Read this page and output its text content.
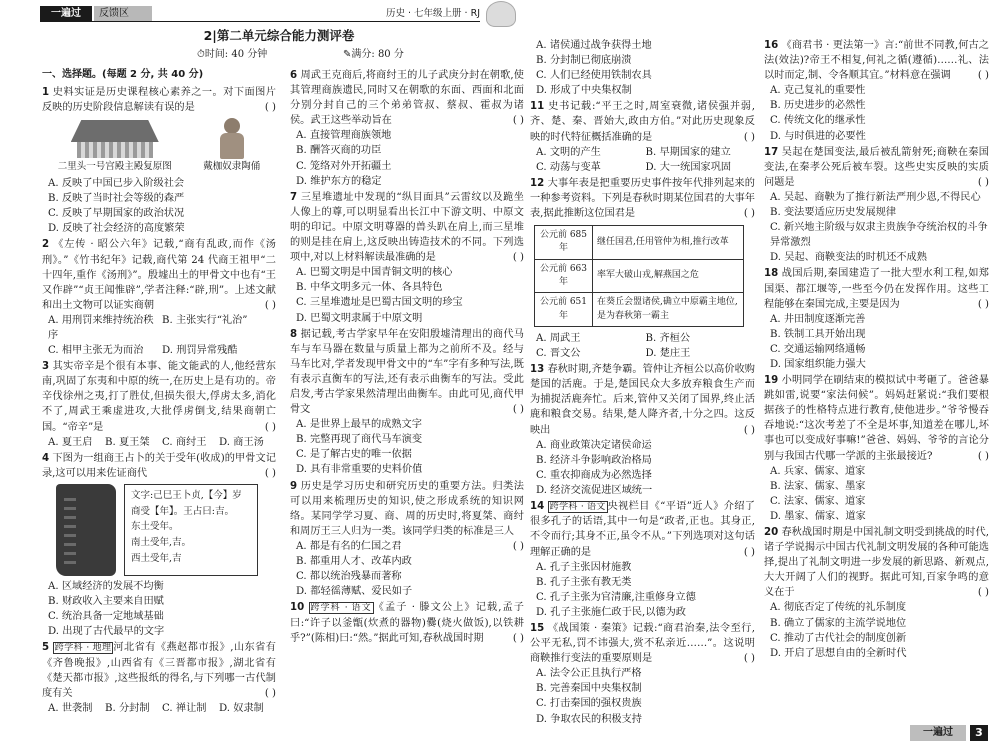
一遍过	反馈区	历史 · 七年级上册 · RJ
2|第二单元综合能力测评卷
⏱时间: 40 分钟	✎满分: 80 分
一、选择题。(每题 2 分, 共 40 分)
1 史料实证是历史课程核心素养之一。对下面图片反映的历史阶段信息解读有误的是	( )
二里头一号宫殿主殿复原图	戴枷奴隶陶俑
A. 反映了中国已步入阶级社会
B. 反映了当时社会等级的森严
C. 反映了早期国家的政治状况
D. 反映了社会经济的高度繁荣
2 《左传 · 昭公六年》记载,“商有乱政,而作《汤刑》。”《竹书纪年》记载,商代第 24 代商王祖甲“二十四年,重作《汤刑》”。殷墟出土的甲骨文中也有“王又作辟”“贞王闻惟辟”,学者注释:“辟,刑”。上述文献和出土文物可以证实商朝	( )
A. 用刑罚来维持统治秩序
B. 主张实行“礼治”
C. 相甲主张无为而治	D. 刑罚异常残酷
3 其实帝辛是个很有本事、能文能武的人,他经营东南,巩固了东夷和中原的统一,在历史上是有功的。帝辛伐徐州之夷,打了胜仗,但损失很大,俘虏太多,消化不了,周武王乘虚进攻,大批俘虏倒戈,结果商朝亡国。“帝辛”是	( )
A. 夏王启	B. 夏王桀	C. 商纣王	D. 商王汤
4 下图为一组商王占卜的关于受年(收成)的甲骨文记录,这可以用来佐证商代	( )
文字:己巳王卜贞,【今】岁
商受【年】。王占曰:吉。
东土受年。
南土受年,吉。
西土受年,吉
A. 区域经济的发展不均衡
B. 财政收入主要来自田赋
C. 统治具备一定地域基础
D. 出现了古代最早的文字
5 跨学科 · 地理 河北省有《燕赵都市报》,山东省有《齐鲁晚报》,山西省有《三晋都市报》,湖北省有《楚天都市报》,这些报纸的得名,与下列哪一古代制度有关	( )
A. 世袭制	B. 分封制	C. 禅让制	D. 奴隶制
6 周武王克商后,将商纣王的儿子武庚分封在朝歌,使其管理商族遗民,同时又在朝歌的东面、西面和北面分别分封自己的三个弟弟管叔、蔡叔、霍叔为诸侯。武王这些举动旨在	( )
A. 直接管理商族领地
B. 酬答灭商的功臣
C. 笼络对外开拓疆土
D. 维护东方的稳定
7 三星堆遗址中发现的“纵目面具”云雷纹以及跪坐人像上的尊,可以明显看出长江中下游文明、中原文明的印记。中原文明尊器的兽头趴在肩上,而三星堆的则是挂在肩上,这反映出铸造技术的不同。下列选项中,对以上材料解读最准确的是	( )
A. 巴蜀文明是中国青铜文明的核心
B. 中华文明多元一体、各具特色
C. 三星堆遗址是巴蜀古国文明的珍宝
D. 巴蜀文明隶属于中原文明
8 据记载,考古学家早年在安阳殷墟清理出的商代马车与车马器在数量与质量上都为之前所不及。经与马车比对,学者发现甲骨文中的“车”字有多种写法,既有表示直衡车的写法,还有表示曲衡车的写法。受此启发,考古学家果然清理出曲衡车。由此可见,商代甲骨文	( )
A. 是世界上最早的成熟文字
B. 完整再现了商代马车演变
C. 是了解古史的唯一依据
D. 具有非常重要的史料价值
9 历史是学习历史和研究历史的重要方法。归类法可以用来梳理历史的知识,使之形成系统的知识网络。某同学学习夏、商、周的历史时,将夏桀、商纣和周厉王三人归为一类。该同学归类的标准是三人
( )
A. 都是有名的仁国之君
B. 都重用人才、改革内政
C. 都以统治残暴而著称
D. 都轻徭薄赋、爱民如子
10 跨学科 · 语文 《孟子 · 滕文公上》记载,孟子曰:“许子以釜甑(炊煮的器物)爨(烧火做饭),以铁耕乎?”(陈相)曰:“然。”据此可知,春秋战国时期	( )
A. 诸侯通过战争获得土地
B. 分封制已彻底崩溃
C. 人们已经使用铁制农具
D. 形成了中央集权制
11 史书记载:“平王之时,周室衰微,诸侯强并弱,齐、楚、秦、晋始大,政由方伯。”对此历史现象反映的时代特征概括准确的是	( )
A. 文明的产生	B. 早期国家的建立
C. 动荡与变革	D. 大一统国家巩固
12 大事年表是把重要历史事件按年代排列起来的一种参考资料。下列是春秋时期某位国君的大事年表,据此推断这位国君是	( )
公元前 685 年	继任国君,任用管仲为相,推行改革
公元前 663 年	率军大破山戎,解燕国之危
公元前 651 年	在葵丘会盟诸侯,确立中原霸主地位,是为春秋第一霸主
A. 周武王	B. 齐桓公
C. 晋文公	D. 楚庄王
13 春秋时期,齐楚争霸。管仲让齐桓公以高价收购楚国的活鹿。于是,楚国民众大多放弃粮食生产而为捕捉活鹿奔忙。后来,管仲又关闭了国界,终止活鹿和粮食交易。结果,楚人降齐者,十分之四。这反映出	( )
A. 商业政策决定诸侯命运
B. 经济斗争影响政治格局
C. 重农抑商成为必然选择
D. 经济交流促进区域统一
14 跨学科 · 语文 央视栏目《“平语”近人》介绍了很多孔子的话语,其中一句是“政者,正也。其身正,不令而行;其身不正,虽令不从。”下列选项对这句话理解正确的是	( )
A. 孔子主张因材施教
B. 孔子主张有教无类
C. 孔子主张为官清廉,注重修身立德
D. 孔子主张施仁政于民,以德为政
15 《战国策 · 秦策》记载:“商君治秦,法令至行,公平无私,罚不讳强大,赏不私亲近……”。这说明商鞅推行变法的重要原则是	( )
A. 法令公正且执行严格
B. 完善秦国中央集权制
C. 打击秦国的强权贵族
D. 争取农民的积极支持
16 《商君书 · 更法第一》言:“前世不同教,何古之法(效法)?帝王不相复,何礼之循(遵循)……礼、法以时而定,制、令各顺其宜。”材料意在强调	( )
A. 克己复礼的重要性
B. 历史进步的必然性
C. 传统文化的继承性
D. 与时俱进的必要性
17 吴起在楚国变法,最后被乱箭射死;商鞅在秦国变法,在秦孝公死后被车裂。这些史实反映的实质问题是	( )
A. 吴起、商鞅为了推行新法严刑少恩,不得民心
B. 变法要适应历史发展规律
C. 新兴地主阶级与奴隶主贵族争夺统治权的斗争异常激烈
D. 吴起、商鞅变法的时机还不成熟
18 战国后期,秦国建造了一批大型水利工程,如郑国渠、都江堰等,一些至今仍在发挥作用。这些工程能够在秦国完成,主要是因为	( )
A. 井田制度逐渐完善
B. 铁制工具开始出现
C. 交通运输网络通畅
D. 国家组织能力强大
19 小明同学在刷结束的模拟试中考砸了。爸爸暴跳如雷,说要“家法伺候”。妈妈赶紧说:“我们要根据孩子的性格特点进行教育,使他进步。”爷爷慢吞吞地说:“这次考差了不全是坏事,知道差在哪儿,坏事也可以变成好事嘛!”爸爸、妈妈、爷爷的言论分别与我国古代哪一学派的主张最接近?	( )
A. 兵家、儒家、道家
B. 法家、儒家、墨家
C. 法家、儒家、道家
D. 墨家、儒家、道家
20 春秋战国时期是中国礼制文明受到挑战的时代,诸子学说揭示中国古代礼制文明发展的各种可能选择,提出了礼制文明进一步发展的新思路、新观点,大大开阔了人们的视野。据此可知,百家争鸣的意义在于	( )
A. 彻底否定了传统的礼乐制度
B. 确立了儒家的主流学说地位
C. 推动了古代社会的制度创新
D. 开启了思想自由的全新时代
一遍过	3
